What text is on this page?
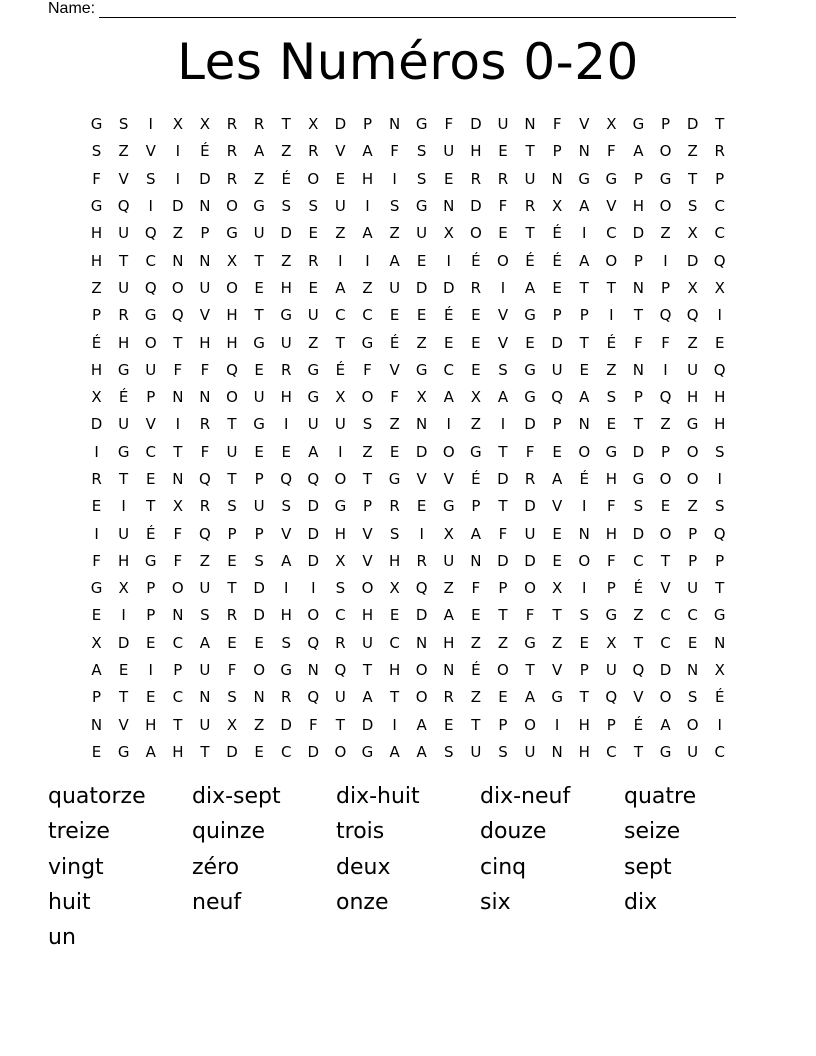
Name:
Les Numéros 0-20
G	S	I	X	X	R	R	T	X	D	P	N	G	F	D	U	N	F	V	X	G	P	D	T
S	Z	V	I	É	R	A	Z	R	V	A	F	S	U	H	E	T	P	N	F	A	O	Z	R
F	V	S	I	D	R	Z	É	O	E	H	I	S	E	R	R	U	N	G	G	P	G	T	P
G	Q	I	D	N	O	G	S	S	U	I	S	G	N	D	F	R	X	A	V	H	O	S	C
H	U	Q	Z	P	G	U	D	E	Z	A	Z	U	X	O	E	T	É	I	C	D	Z	X	C
H	T	C	N	N	X	T	Z	R	I	I	A	E	I	É	O	É	É	A	O	P	I	D	Q
Z	U	Q	O	U	O	E	H	E	A	Z	U	D	D	R	I	A	E	T	T	N	P	X	X
P	R	G	Q	V	H	T	G	U	C	C	E	E	É	E	V	G	P	P	I	T	Q	Q	I
É	H	O	T	H	H	G	U	Z	T	G	É	Z	E	E	V	E	D	T	É	F	F	Z	E
H	G	U	F	F	Q	E	R	G	É	F	V	G	C	E	S	G	U	E	Z	N	I	U	Q
X	É	P	N	N	O	U	H	G	X	O	F	X	A	X	A	G	Q	A	S	P	Q	H	H
D	U	V	I	R	T	G	I	U	U	S	Z	N	I	Z	I	D	P	N	E	T	Z	G	H
I	G	C	T	F	U	E	E	A	I	Z	E	D	O	G	T	F	E	O	G	D	P	O	S
R	T	E	N	Q	T	P	Q	Q	O	T	G	V	V	É	D	R	A	É	H	G	O	O	I
E	I	T	X	R	S	U	S	D	G	P	R	E	G	P	T	D	V	I	F	S	E	Z	S
I	U	É	F	Q	P	P	V	D	H	V	S	I	X	A	F	U	E	N	H	D	O	P	Q
F	H	G	F	Z	E	S	A	D	X	V	H	R	U	N	D	D	E	O	F	C	T	P	P
G	X	P	O	U	T	D	I	I	S	O	X	Q	Z	F	P	O	X	I	P	É	V	U	T
E	I	P	N	S	R	D	H	O	C	H	E	D	A	E	T	F	T	S	G	Z	C	C	G
X	D	E	C	A	E	E	S	Q	R	U	C	N	H	Z	Z	G	Z	E	X	T	C	E	N
A	E	I	P	U	F	O	G	N	Q	T	H	O	N	É	O	T	V	P	U	Q	D	N	X
P	T	E	C	N	S	N	R	Q	U	A	T	O	R	Z	E	A	G	T	Q	V	O	S	É
N	V	H	T	U	X	Z	D	F	T	D	I	A	E	T	P	O	I	H	P	É	A	O	I
E	G	A	H	T	D	E	C	D	O	G	A	A	S	U	S	U	N	H	C	T	G	U	C
quatorze	dix-sept	dix-huit	dix-neuf	quatre
treize	quinze	trois	douze	seize
vingt	zéro	deux	cinq	sept
huit	neuf	onze	six	dix
un
